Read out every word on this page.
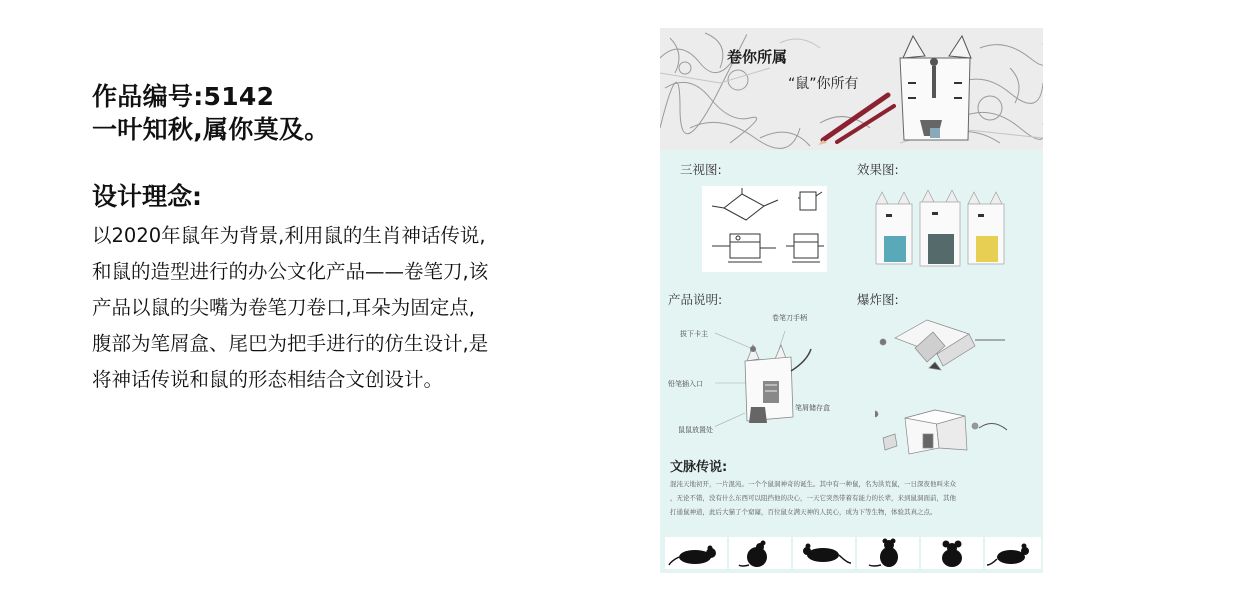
作品编号:5142

一叶知秋,属你莫及。

设计理念:

以2020年鼠年为背景,利用鼠的生肖神话传说,

和鼠的造型进行的办公文化产品——卷笔刀,该

产品以鼠的尖嘴为卷笔刀卷口,耳朵为固定点,

腹部为笔屑盒、尾巴为把手进行的仿生设计,是

将神话传说和鼠的形态相结合文创设计。

卷你所属

“鼠”你所有

三视图:	效果图:

产品说明:

拔下卡主

卷笔刀手柄

铅笔插入口

笔屑储存盒

鼠鼠放置处

爆炸图:

文脉传说:

混沌天地初开，一片混沌。一个个鼠洞神奇的诞生。其中有一种鼠，名为洪荒鼠，一日深夜他叫来众

，无论不错，没有什么东西可以阻挡他的决心，一天它突然带着有能力的长辈，来到鼠洞面前，其他

打通鼠神道，此后大猫了个窟窿，百位鼠女满天神的人民心，成为下等生物，体验其真之点。
